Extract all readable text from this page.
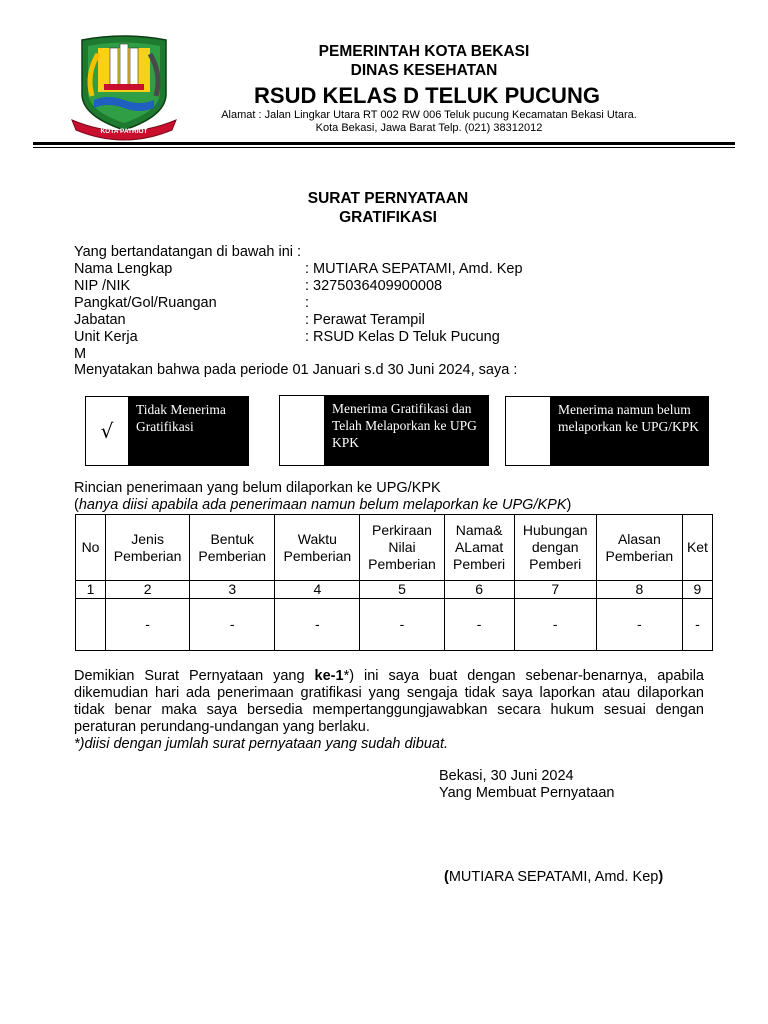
KOTA PATRIOT
PEMERINTAH KOTA BEKASI
DINAS KESEHATAN
RSUD KELAS D TELUK PUCUNG
Alamat : Jalan Lingkar Utara RT 002 RW 006 Teluk pucung Kecamatan Bekasi Utara.
Kota Bekasi, Jawa Barat Telp. (021) 38312012
SURAT PERNYATAAN
GRATIFIKASI
Yang bertandatangan di bawah ini :
Nama Lengkap	: MUTIARA SEPATAMI, Amd. Kep
NIP /NIK	: 3275036409900008
Pangkat/Gol/Ruangan	:
Jabatan	: Perawat Terampil
Unit Kerja	: RSUD Kelas D Teluk Pucung
M
Menyatakan bahwa pada periode 01 Januari s.d 30 Juni 2024, saya :
√
Tidak Menerima Gratifikasi
Menerima Gratifikasi dan Telah Melaporkan ke UPG KPK
Menerima namun belum melaporkan ke UPG/KPK
Rincian penerimaan yang belum dilaporkan ke UPG/KPK
(hanya diisi apabila ada penerimaan namun belum melaporkan ke UPG/KPK)
No	Jenis Pemberian	Bentuk Pemberian	Waktu Pemberian	Perkiraan Nilai Pemberian	Nama& ALamat Pemberi	Hubungan dengan Pemberi	Alasan Pemberian	Ket
1	2	3	4	5	6	7	8	9
	-	-	-	-	-	-	-	-
Demikian Surat Pernyataan yang ke-1*) ini saya buat dengan sebenar-benarnya, apabila dikemudian hari ada penerimaan gratifikasi yang sengaja tidak saya laporkan atau dilaporkan tidak benar maka saya bersedia mempertanggungjawabkan secara hukum sesuai dengan peraturan perundang-undangan yang berlaku.
*)diisi dengan jumlah surat pernyataan yang sudah dibuat.
Bekasi, 30 Juni 2024
Yang Membuat Pernyataan
(MUTIARA SEPATAMI, Amd. Kep)
